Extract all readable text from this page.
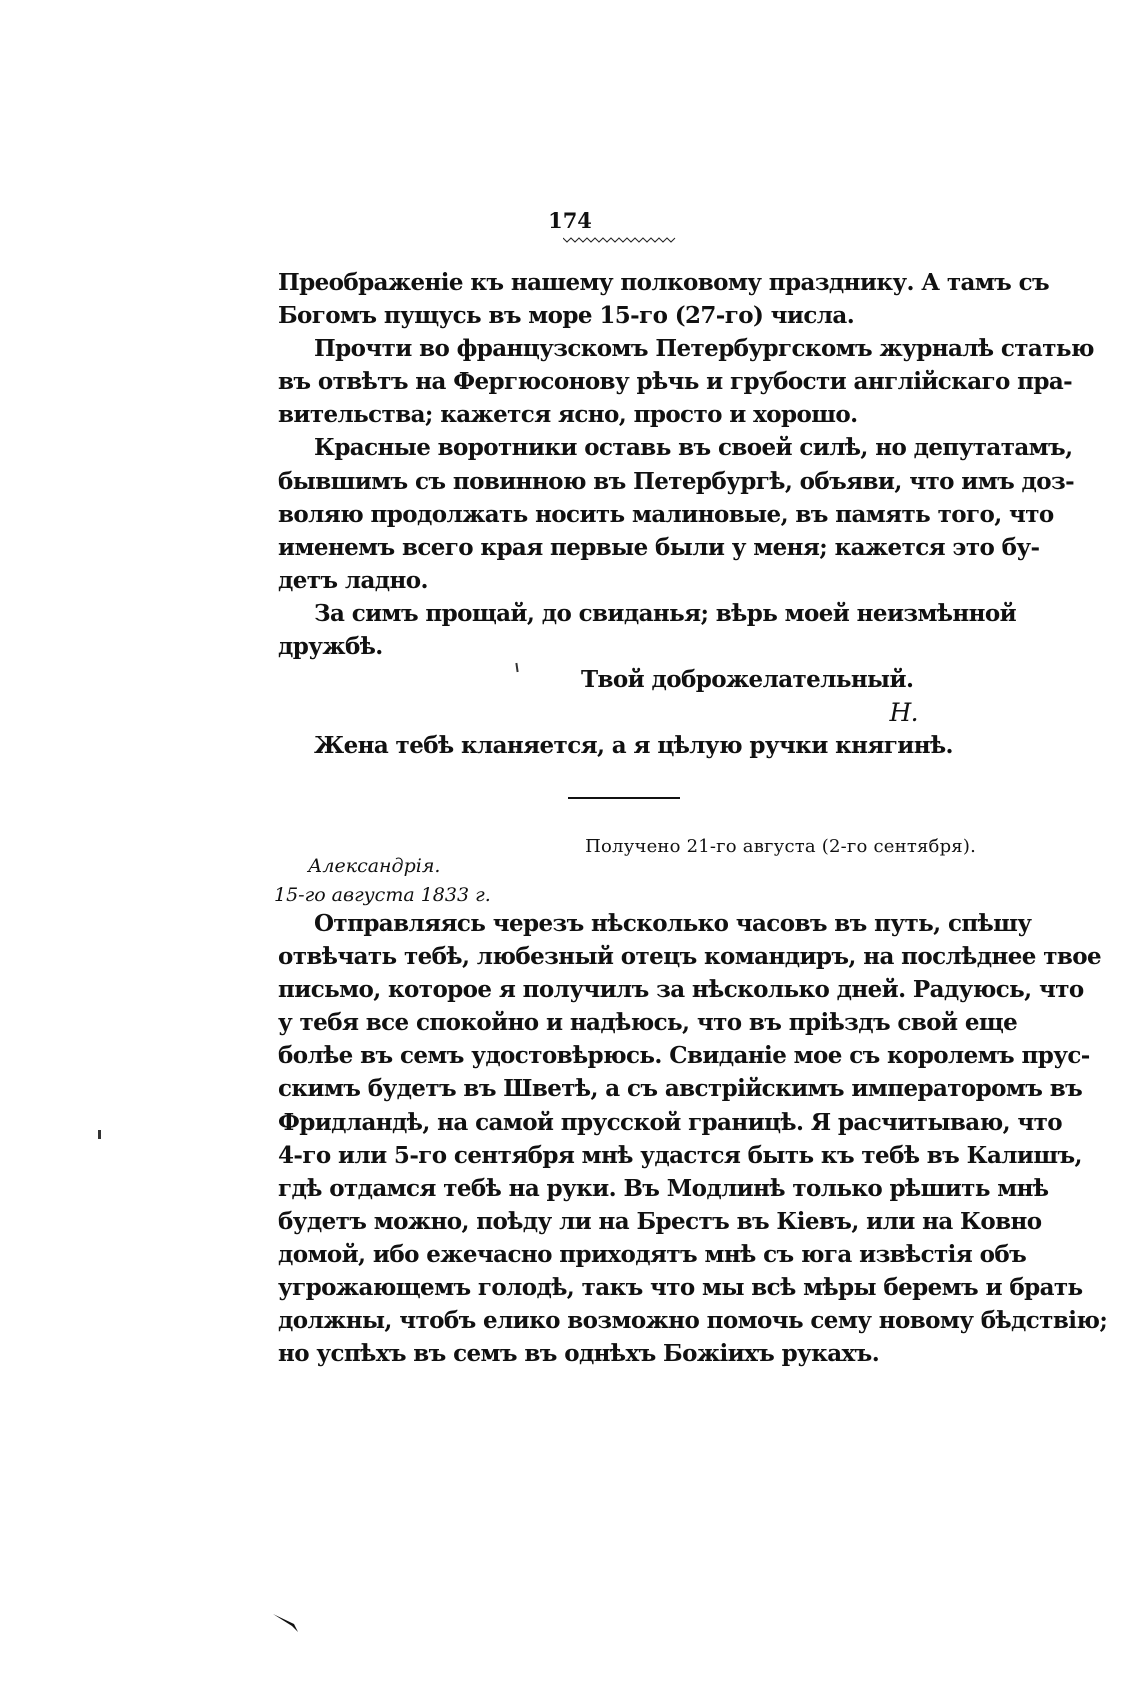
174
Преображенiе къ нашему полковому празднику. А тамъ съ
Богомъ пущусь въ море 15-го (27-го) числа.
Прочти во французскомъ Петербургскомъ журналѣ статью
въ отвѣтъ на Фергюсонову рѣчь и грубости англiйскаго пра-
вительства; кажется ясно, просто и хорошо.
Красные воротники оставь въ своей силѣ, но депутатамъ,
бывшимъ съ повинною въ Петербургѣ, объяви, что имъ доз-
воляю продолжать носить малиновые, въ память того, что
именемъ всего края первые были у меня; кажется это бу-
детъ ладно.
За симъ прощай, до свиданья; вѣрь моей неизмѣнной
дружбѣ.
Твой доброжелательный.
Н.
Жена тебѣ кланяется, а я цѣлую ручки княгинѣ.
Получено 21-го августа (2-го сентября).
Александрiя.
15-го августа 1833 г.
Отправляясь черезъ нѣсколько часовъ въ путь, спѣшу
отвѣчать тебѣ, любезный отецъ командиръ, на послѣднее твое
письмо, которое я получилъ за нѣсколько дней. Радуюсь, что
у тебя все спокойно и надѣюсь, что въ прiѣздъ свой еще
болѣе въ семъ удостовѣрюсь. Свиданiе мое съ королемъ прус-
скимъ будетъ въ Шветѣ, а съ австрiйскимъ императоромъ въ
Фридландѣ, на самой прусской границѣ. Я расчитываю, что
4-го или 5-го сентября мнѣ удастся быть къ тебѣ въ Калишъ,
гдѣ отдамся тебѣ на руки. Въ Модлинѣ только рѣшить мнѣ
будетъ можно, поѣду ли на Брестъ въ Кiевъ, или на Ковно
домой, ибо ежечасно приходятъ мнѣ съ юга извѣстiя объ
угрожающемъ голодѣ, такъ что мы всѣ мѣры беремъ и брать
должны, чтобъ елико возможно помочь сему новому бѣдствiю;
но успѣхъ въ семъ въ однѣхъ Божiихъ рукахъ.
